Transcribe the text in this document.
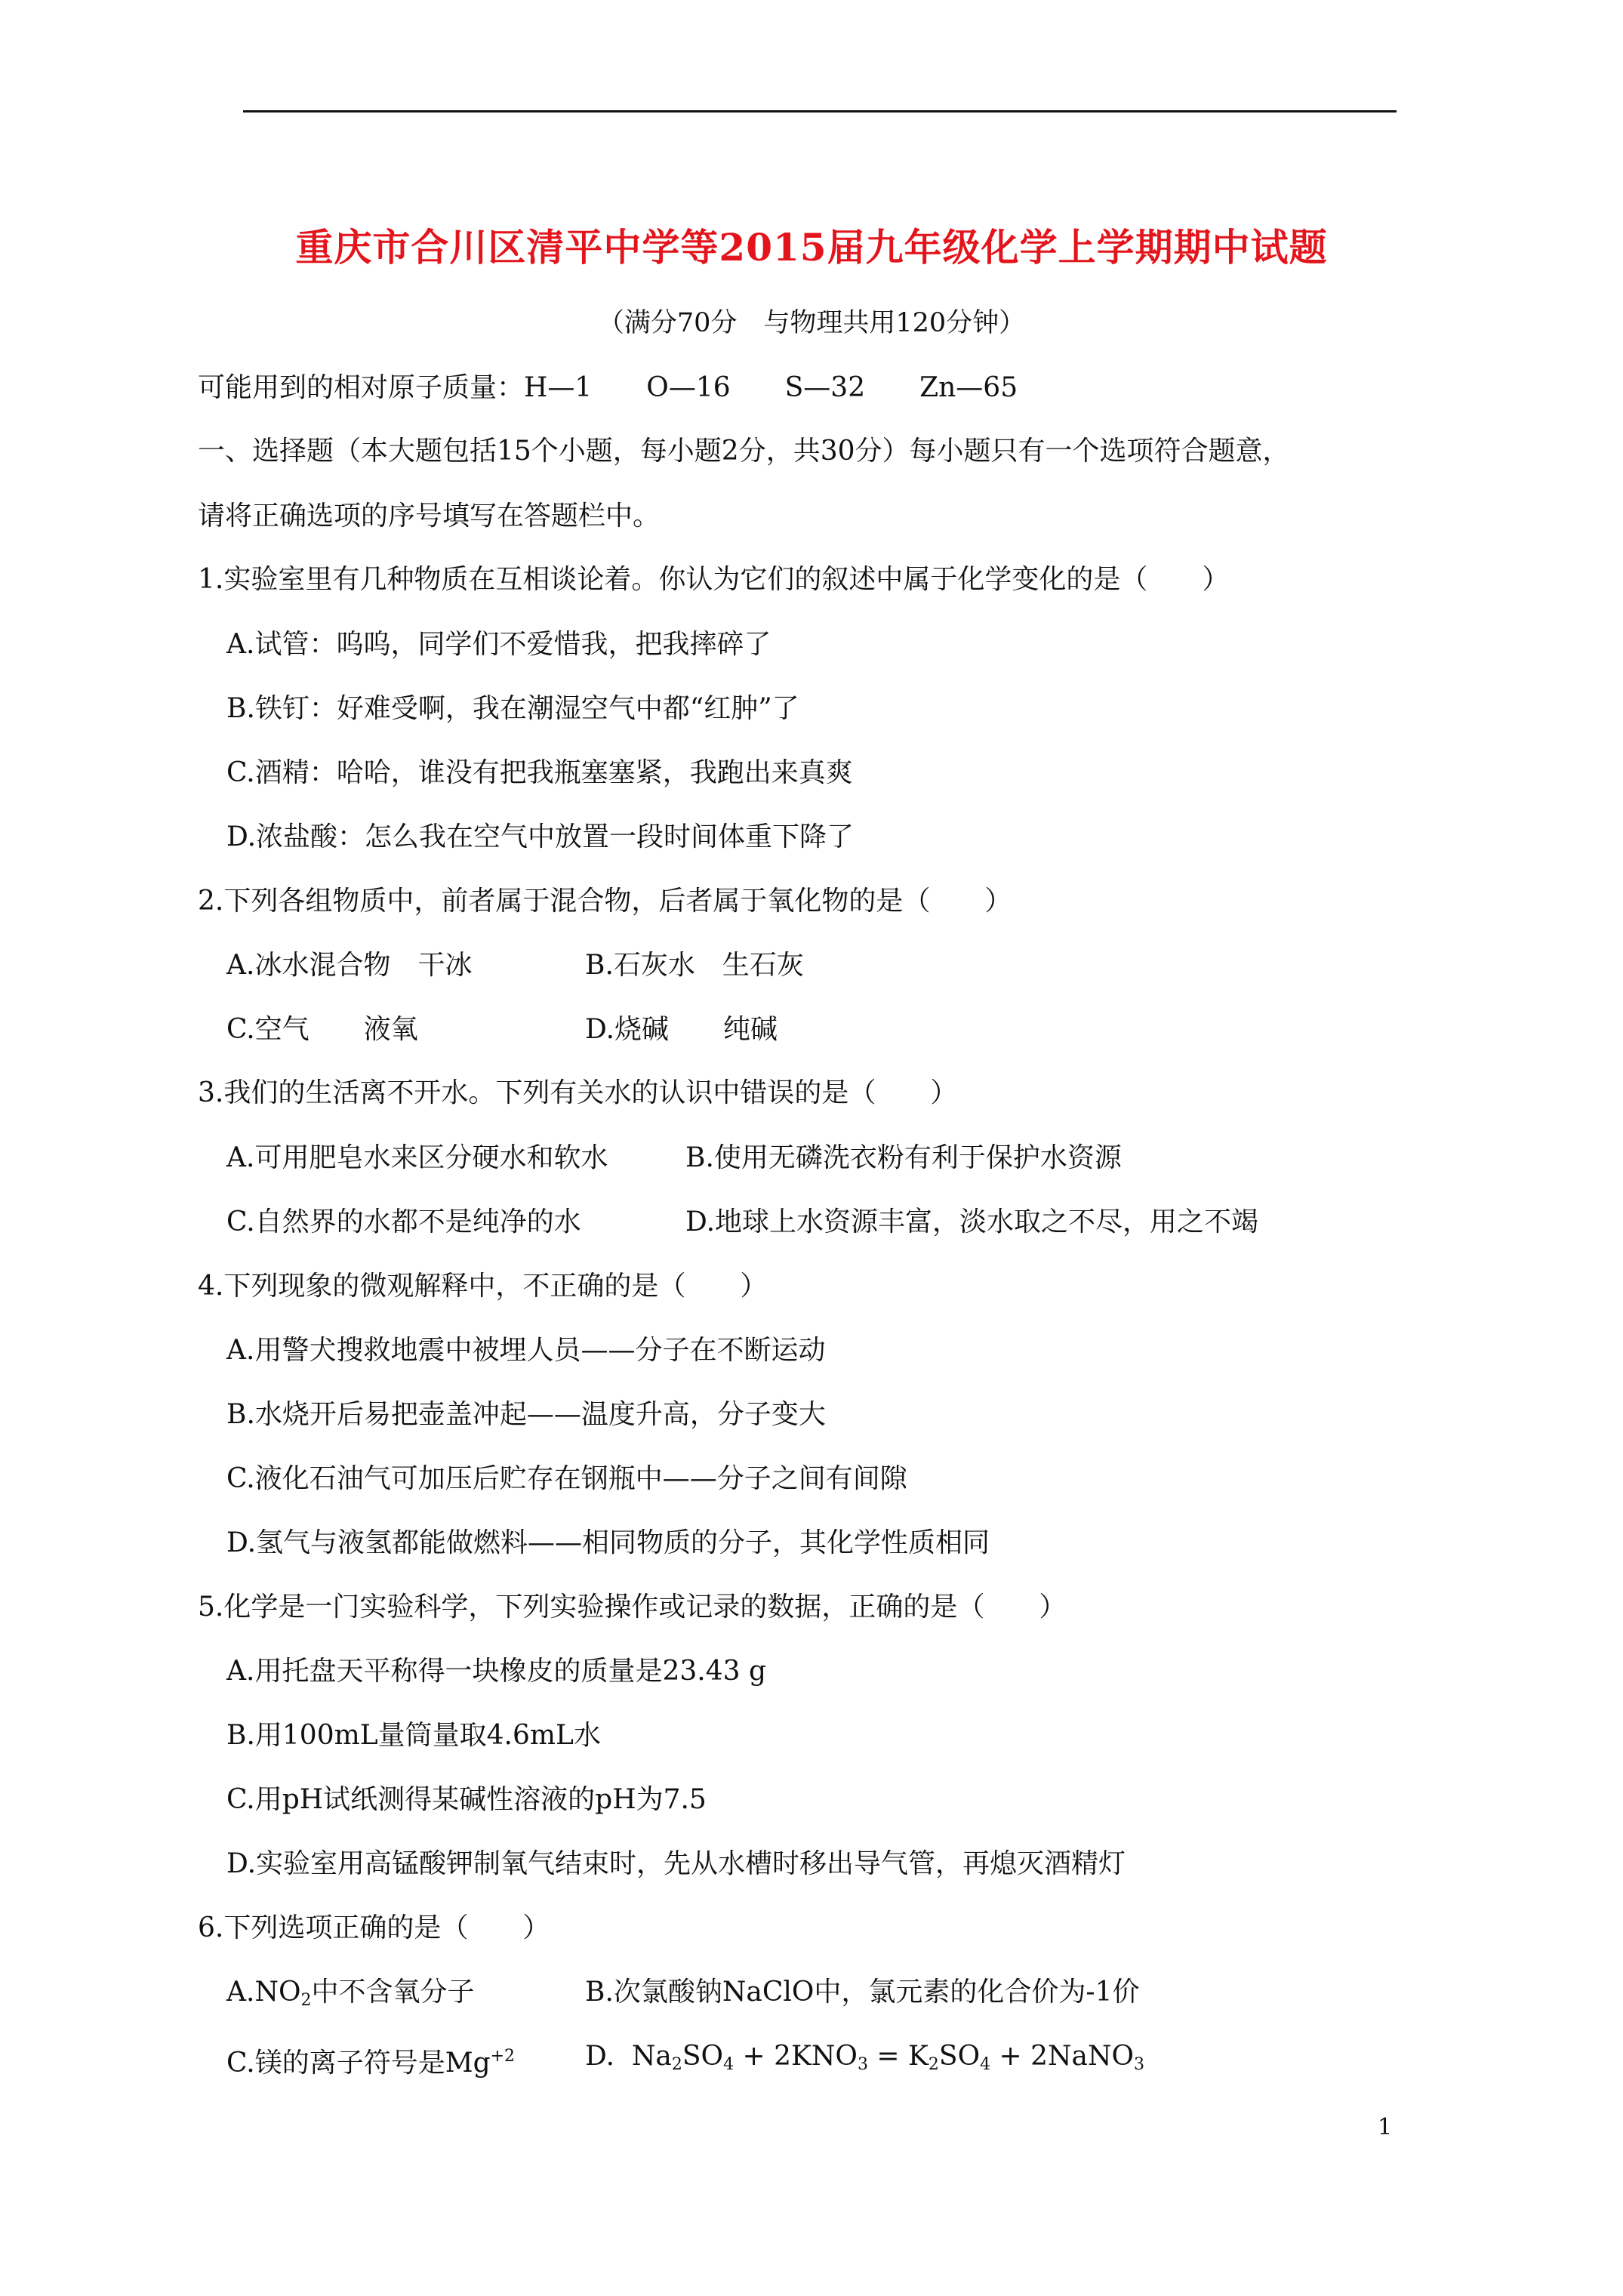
重庆市合川区清平中学等2015届九年级化学上学期期中试题
（满分70分　与物理共用120分钟）
可能用到的相对原子质量：H—1　　O—16　　S—32　　Zn—65
一、选择题（本大题包括15个小题，每小题2分，共30分）每小题只有一个选项符合题意，
请将正确选项的序号填写在答题栏中。
1.实验室里有几种物质在互相谈论着。你认为它们的叙述中属于化学变化的是（　　）
A.试管：呜呜，同学们不爱惜我，把我摔碎了
B.铁钉：好难受啊，我在潮湿空气中都“红肿”了
C.酒精：哈哈，谁没有把我瓶塞塞紧，我跑出来真爽
D.浓盐酸：怎么我在空气中放置一段时间体重下降了
2.下列各组物质中，前者属于混合物，后者属于氧化物的是（　　）
A.冰水混合物　干冰	B.石灰水　生石灰
C.空气　　液氧	D.烧碱　　纯碱
3.我们的生活离不开水。下列有关水的认识中错误的是（　　）
A.可用肥皂水来区分硬水和软水	B.使用无磷洗衣粉有利于保护水资源
C.自然界的水都不是纯净的水	D.地球上水资源丰富，淡水取之不尽，用之不竭
4.下列现象的微观解释中，不正确的是（　　）
A.用警犬搜救地震中被埋人员——分子在不断运动
B.水烧开后易把壶盖冲起——温度升高，分子变大
C.液化石油气可加压后贮存在钢瓶中——分子之间有间隙
D.氢气与液氢都能做燃料——相同物质的分子，其化学性质相同
5.化学是一门实验科学，下列实验操作或记录的数据，正确的是（　　）
A.用托盘天平称得一块橡皮的质量是23.43 g
B.用100mL量筒量取4.6mL水
C.用pH试纸测得某碱性溶液的pH为7.5
D.实验室用高锰酸钾制氧气结束时，先从水槽时移出导气管，再熄灭酒精灯
6.下列选项正确的是（　　）
$A.NO_2$中不含氧分子	B.次氯酸钠NaClO中，氯元素的化合价为-1价
C.镁的离子符号是$Mg^{+2}$	D. $Na_2SO_4 + 2KNO_3 = K_2SO_4$ + 2NaNO$_3$
1
